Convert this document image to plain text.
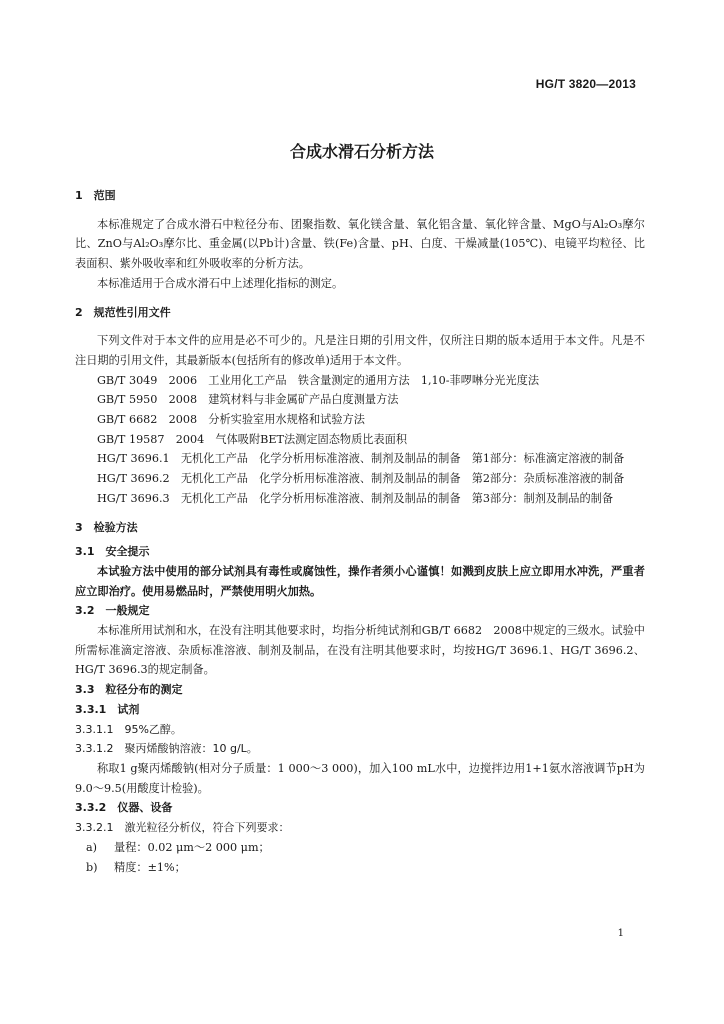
HG/T 3820—2013
合成水滑石分析方法

1　范围

本标准规定了合成水滑石中粒径分布、团聚指数、氧化镁含量、氧化铝含量、氧化锌含量、MgO与Al₂O₃摩尔比、ZnO与Al₂O₃摩尔比、重金属(以Pb计)含量、铁(Fe)含量、pH、白度、干燥减量(105℃)、电镜平均粒径、比表面积、紫外吸收率和红外吸收率的分析方法。

本标准适用于合成水滑石中上述理化指标的测定。

2　规范性引用文件

下列文件对于本文件的应用是必不可少的。凡是注日期的引用文件，仅所注日期的版本适用于本文件。凡是不注日期的引用文件，其最新版本(包括所有的修改单)适用于本文件。

GB/T 3049　2006　工业用化工产品　铁含量测定的通用方法　1,10-菲啰啉分光光度法

GB/T 5950　2008　建筑材料与非金属矿产品白度测量方法

GB/T 6682　2008　分析实验室用水规格和试验方法

GB/T 19587　2004　气体吸附BET法测定固态物质比表面积

HG/T 3696.1　无机化工产品　化学分析用标准溶液、制剂及制品的制备　第1部分：标准滴定溶液的制备

HG/T 3696.2　无机化工产品　化学分析用标准溶液、制剂及制品的制备　第2部分：杂质标准溶液的制备

HG/T 3696.3　无机化工产品　化学分析用标准溶液、制剂及制品的制备　第3部分：制剂及制品的制备

3　检验方法

3.1　安全提示

本试验方法中使用的部分试剂具有毒性或腐蚀性，操作者须小心谨慎！如溅到皮肤上应立即用水冲洗，严重者应立即治疗。使用易燃品时，严禁使用明火加热。

3.2　一般规定

本标准所用试剂和水，在没有注明其他要求时，均指分析纯试剂和GB/T 6682　2008中规定的三级水。试验中所需标准滴定溶液、杂质标准溶液、制剂及制品，在没有注明其他要求时，均按HG/T 3696.1、HG/T 3696.2、HG/T 3696.3的规定制备。

3.3　粒径分布的测定

3.3.1　试剂

3.3.1.1　95%乙醇。

3.3.1.2　聚丙烯酸钠溶液：10 g/L。

称取1 g聚丙烯酸钠(相对分子质量：1 000～3 000)，加入100 mL水中，边搅拌边用1+1氨水溶液调节pH为9.0～9.5(用酸度计检验)。

3.3.2　仪器、设备

3.3.2.1　激光粒径分析仪，符合下列要求：

a) 量程：0.02 μm～2 000 μm；

b) 精度：±1%；

1
